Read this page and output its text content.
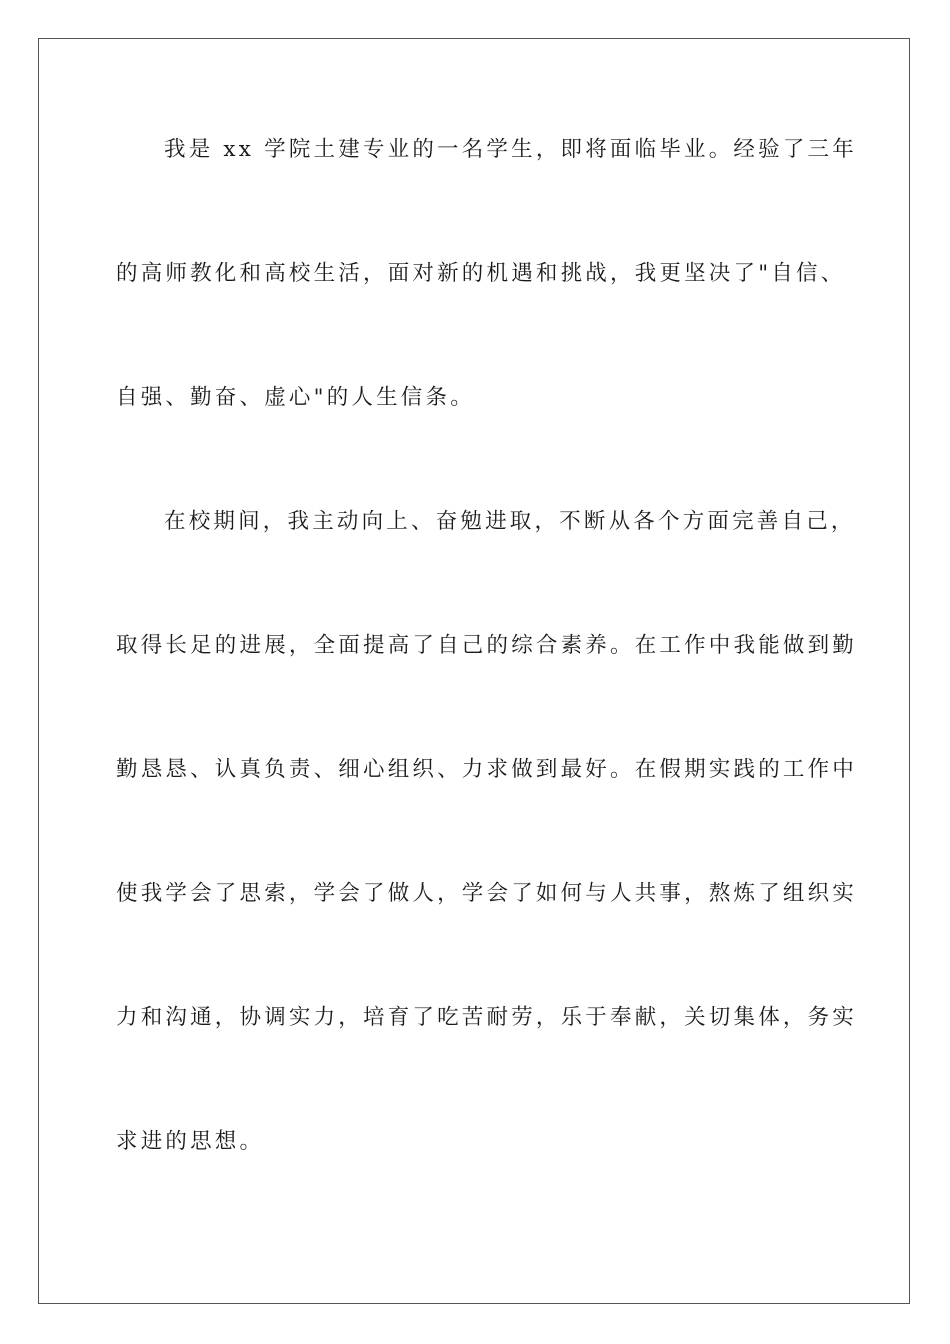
我是 xx 学院土建专业的一名学生，即将面临毕业。经验了三年
的高师教化和高校生活，面对新的机遇和挑战，我更坚决了"自信、
自强、勤奋、虚心"的人生信条。
在校期间，我主动向上、奋勉进取，不断从各个方面完善自己，
取得长足的进展，全面提高了自己的综合素养。在工作中我能做到勤
勤恳恳、认真负责、细心组织、力求做到最好。在假期实践的工作中
使我学会了思索，学会了做人，学会了如何与人共事，熬炼了组织实
力和沟通，协调实力，培育了吃苦耐劳，乐于奉献，关切集体，务实
求进的思想。
